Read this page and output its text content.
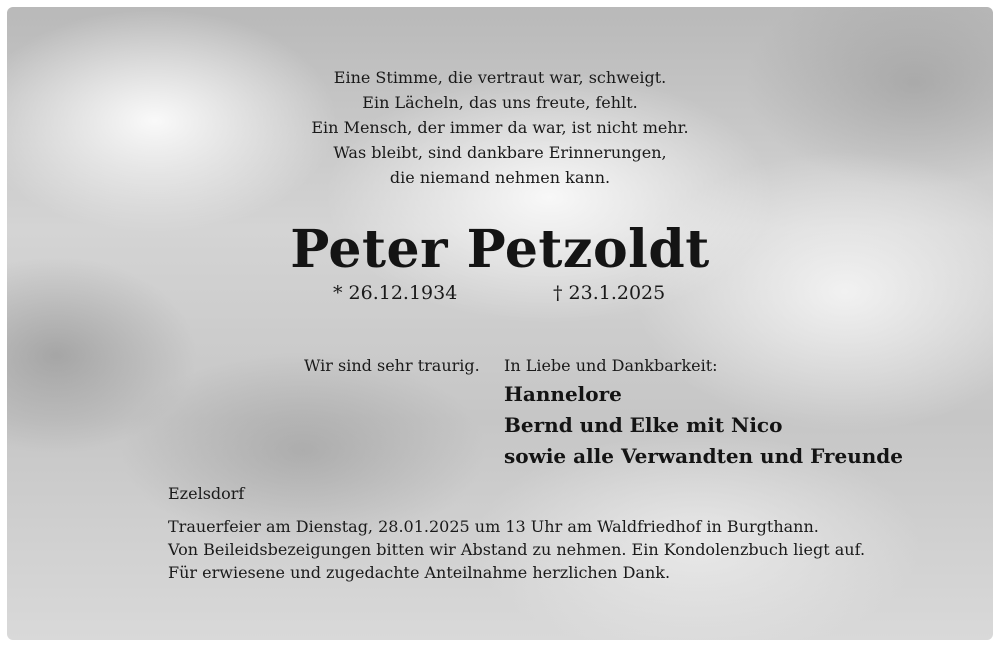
Eine Stimme, die vertraut war, schweigt.
Ein Lächeln, das uns freute, fehlt.
Ein Mensch, der immer da war, ist nicht mehr.
Was bleibt, sind dankbare Erinnerungen,
die niemand nehmen kann.
Peter Petzoldt
* 26.12.1934	† 23.1.2025
Wir sind sehr traurig. In Liebe und Dankbarkeit:
Hannelore
Bernd und Elke mit Nico
sowie alle Verwandten und Freunde
Ezelsdorf
Trauerfeier am Dienstag, 28.01.2025 um 13 Uhr am Waldfriedhof in Burgthann.
Von Beileidsbezeigungen bitten wir Abstand zu nehmen. Ein Kondolenzbuch liegt auf.
Für erwiesene und zugedachte Anteilnahme herzlichen Dank.
